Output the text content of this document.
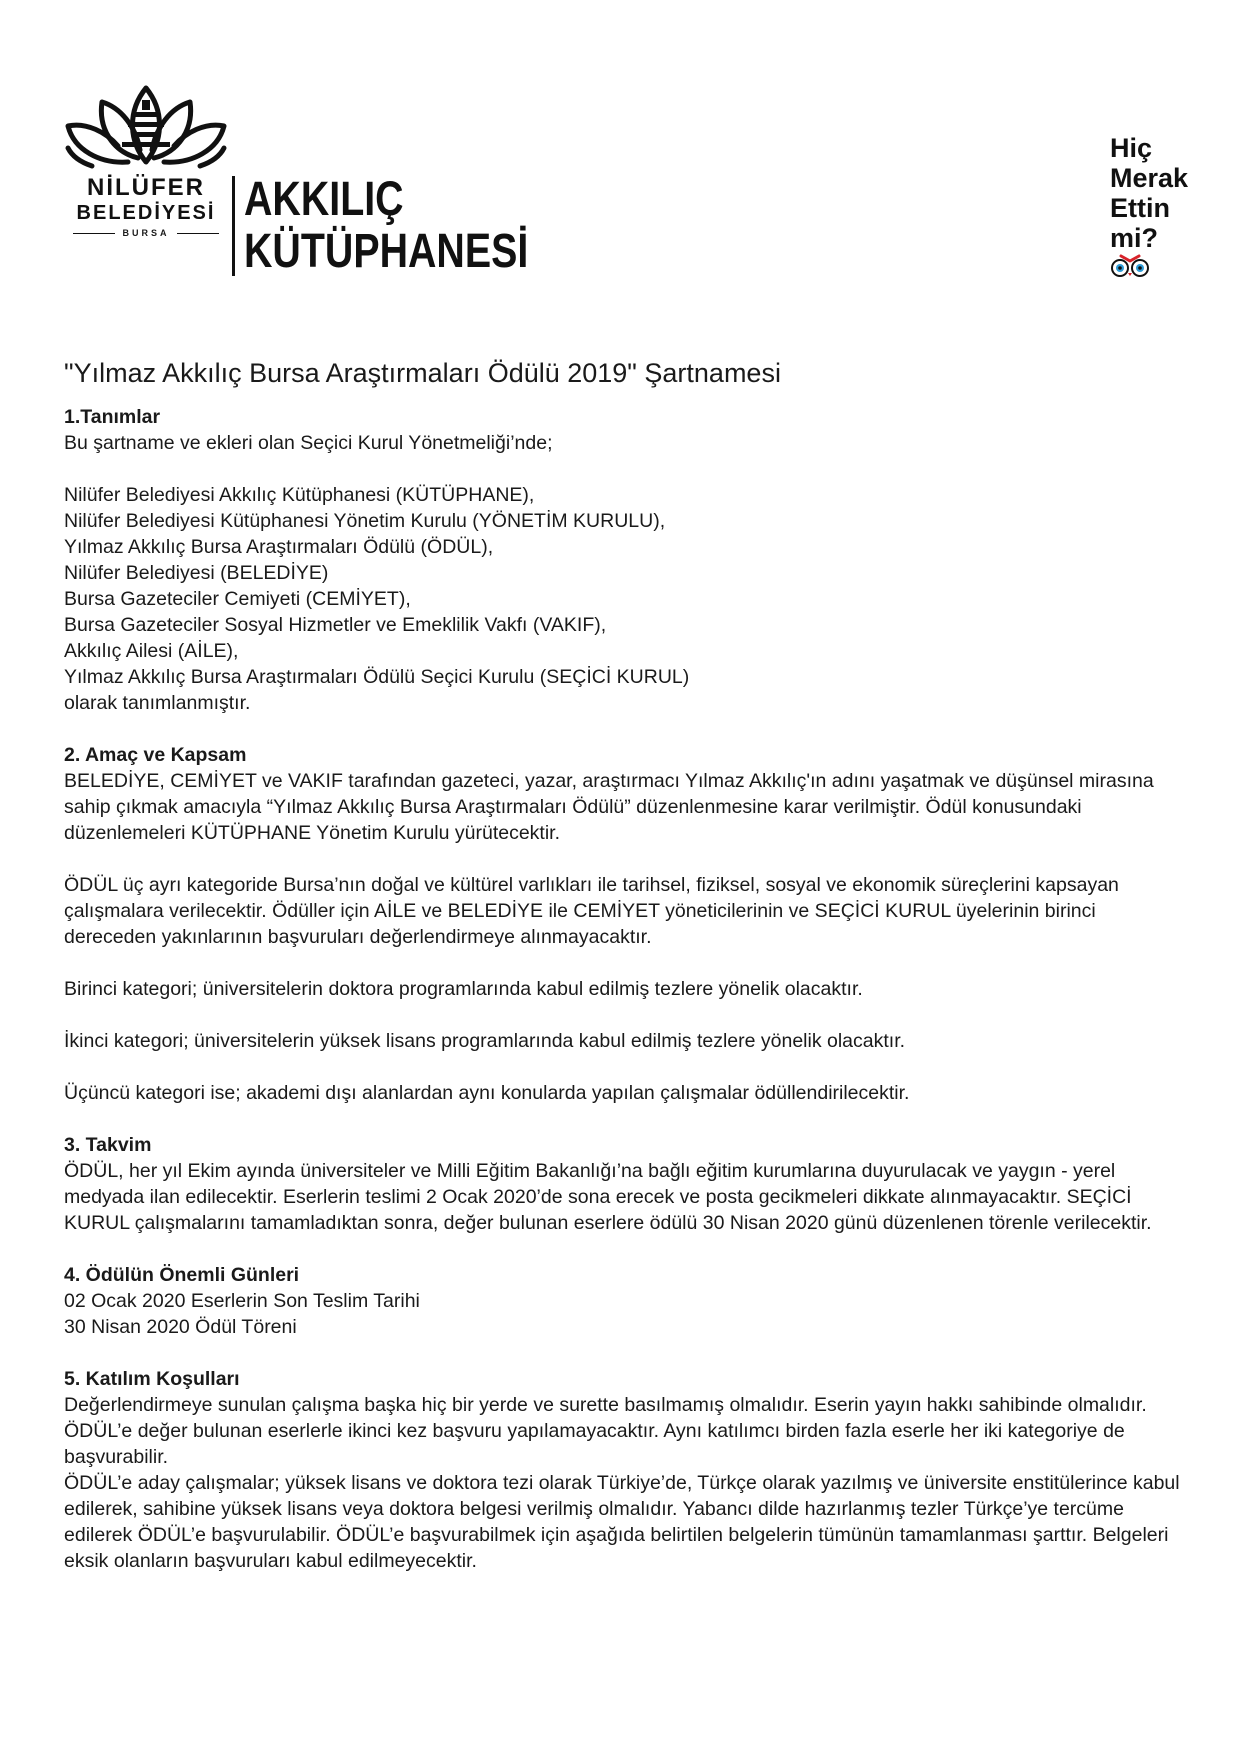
NİLÜFER
BELEDİYESİ
BURSA
AKKILIÇ
KÜTÜPHANESİ
Hiç
Merak
Ettin
mi?
"Yılmaz Akkılıç Bursa Araştırmaları Ödülü 2019" Şartnamesi
1.Tanımlar

Bu şartname ve ekleri olan Seçici Kurul Yönetmeliği’nde;

Nilüfer Belediyesi Akkılıç Kütüphanesi (KÜTÜPHANE),
Nilüfer Belediyesi Kütüphanesi Yönetim Kurulu (YÖNETİM KURULU),
Yılmaz Akkılıç Bursa Araştırmaları Ödülü (ÖDÜL),
Nilüfer Belediyesi (BELEDİYE)
Bursa Gazeteciler Cemiyeti (CEMİYET),
Bursa Gazeteciler Sosyal Hizmetler ve Emeklilik Vakfı (VAKIF),
Akkılıç Ailesi (AİLE),
Yılmaz Akkılıç Bursa Araştırmaları Ödülü Seçici Kurulu (SEÇİCİ KURUL)
olarak tanımlanmıştır.
2. Amaç ve Kapsam

BELEDİYE, CEMİYET ve VAKIF tarafından gazeteci, yazar, araştırmacı Yılmaz Akkılıç'ın adını yaşatmak ve düşünsel mirasına sahip çıkmak amacıyla “Yılmaz Akkılıç Bursa Araştırmaları Ödülü” düzenlenmesine karar verilmiştir. Ödül konusundaki düzenlemeleri KÜTÜPHANE Yönetim Kurulu yürütecektir.

ÖDÜL üç ayrı kategoride Bursa’nın doğal ve kültürel varlıkları ile tarihsel, fiziksel, sosyal ve ekonomik süreçlerini kapsayan çalışmalara verilecektir. Ödüller için AİLE ve BELEDİYE ile CEMİYET yöneticilerinin ve SEÇİCİ KURUL üyelerinin birinci dereceden yakınlarının başvuruları değerlendirmeye alınmayacaktır.

Birinci kategori; üniversitelerin doktora programlarında kabul edilmiş tezlere yönelik olacaktır.

İkinci kategori; üniversitelerin yüksek lisans programlarında kabul edilmiş tezlere yönelik olacaktır.

Üçüncü kategori ise; akademi dışı alanlardan aynı konularda yapılan çalışmalar ödüllendirilecektir.

3. Takvim

ÖDÜL, her yıl Ekim ayında üniversiteler ve Milli Eğitim Bakanlığı’na bağlı eğitim kurumlarına duyurulacak ve yaygın - yerel medyada ilan edilecektir. Eserlerin teslimi 2 Ocak 2020’de sona erecek ve posta gecikmeleri dikkate alınmayacaktır. SEÇİCİ KURUL çalışmalarını tamamladıktan sonra, değer bulunan eserlere ödülü 30 Nisan 2020 günü düzenlenen törenle verilecektir.

4. Ödülün Önemli Günleri
02 Ocak 2020 Eserlerin Son Teslim Tarihi
30 Nisan 2020 Ödül Töreni
5. Katılım Koşulları

Değerlendirmeye sunulan çalışma başka hiç bir yerde ve surette basılmamış olmalıdır. Eserin yayın hakkı sahibinde olmalıdır. ÖDÜL’e değer bulunan eserlerle ikinci kez başvuru yapılamayacaktır. Aynı katılımcı birden fazla eserle her iki kategoriye de başvurabilir.

ÖDÜL’e aday çalışmalar; yüksek lisans ve doktora tezi olarak Türkiye’de, Türkçe olarak yazılmış ve üniversite enstitülerince kabul edilerek, sahibine yüksek lisans veya doktora belgesi verilmiş olmalıdır. Yabancı dilde hazırlanmış tezler Türkçe’ye tercüme edilerek ÖDÜL’e başvurulabilir. ÖDÜL’e başvurabilmek için aşağıda belirtilen belgelerin tümünün tamamlanması şarttır. Belgeleri eksik olanların başvuruları kabul edilmeyecektir.
